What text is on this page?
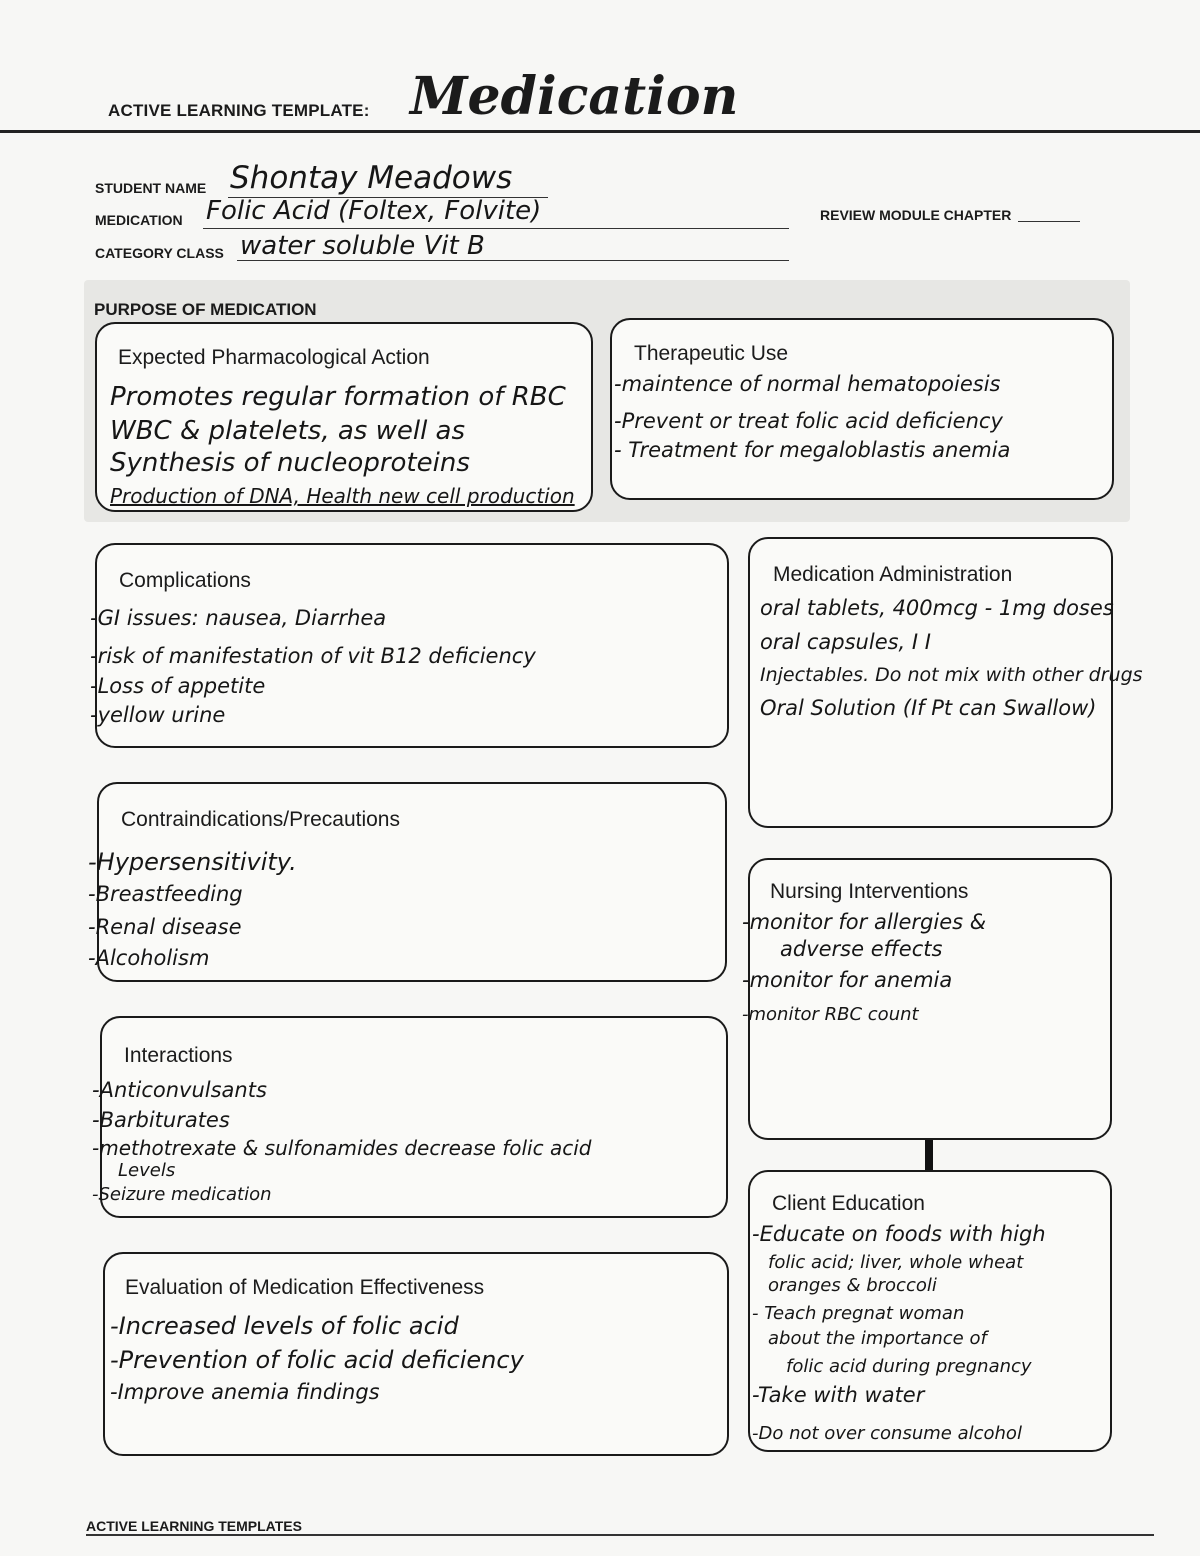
ACTIVE LEARNING TEMPLATE: Medication
STUDENT NAME Shontay Meadows
MEDICATION Folic Acid (Foltex, Folvite)	REVIEW MODULE CHAPTER
CATEGORY CLASS water soluble Vit B
PURPOSE OF MEDICATION
Expected Pharmacological Action
Promotes regular formation of RBC
WBC & platelets, as well as
Synthesis of nucleoproteins
Production of DNA, Health new cell production
Therapeutic Use
-maintence of normal hematopoiesis
-Prevent or treat folic acid deficiency
- Treatment for megaloblastis anemia
Complications
-GI issues: nausea, Diarrhea
-risk of manifestation of vit B12 deficiency
-Loss of appetite
-yellow urine
Medication Administration
oral tablets, 400mcg - 1mg doses
oral capsules, I I
Injectables. Do not mix with other drugs
Oral Solution (If Pt can Swallow)
Contraindications/Precautions
-Hypersensitivity.
-Breastfeeding
-Renal disease
-Alcoholism
Nursing Interventions
-monitor for allergies &
adverse effects
-monitor for anemia
-monitor RBC count
Interactions
-Anticonvulsants
-Barbiturates
-methotrexate & sulfonamides decrease folic acid
Levels
-Seizure medication	Client Education
-Educate on foods with high
folic acid; liver, whole wheat
oranges & broccoli
- Teach pregnat woman
about the importance of
folic acid during pregnancy
-Take with water
-Do not over consume alcohol
Evaluation of Medication Effectiveness
-Increased levels of folic acid
-Prevention of folic acid deficiency
-Improve anemia findings
ACTIVE LEARNING TEMPLATES
